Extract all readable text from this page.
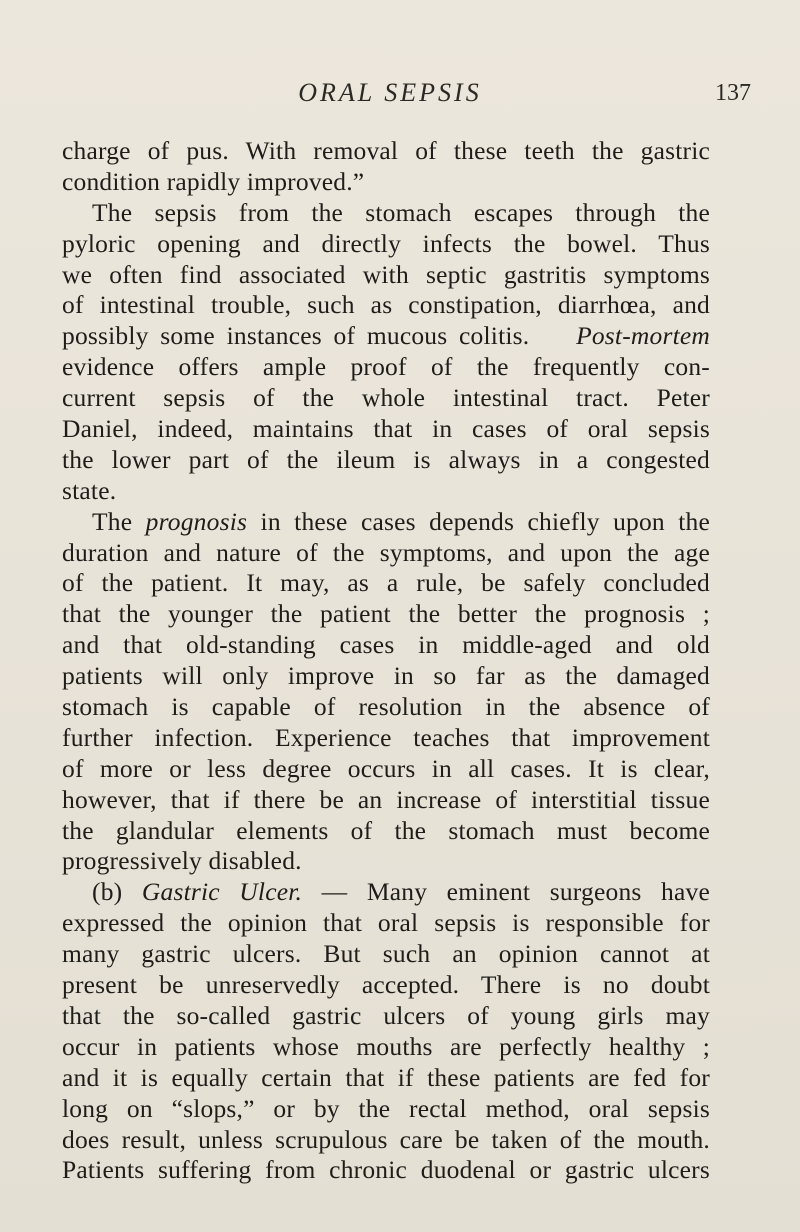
ORAL SEPSIS	137
charge of pus. With removal of these teeth the gastric
condition rapidly improved.”
The sepsis from the stomach escapes through the
pyloric opening and directly infects the bowel. Thus
we often find associated with septic gastritis symptoms
of intestinal trouble, such as constipation, diarrhœa, and
possibly some instances of mucous colitis. Post-mortem
evidence offers ample proof of the frequently con-
current sepsis of the whole intestinal tract. Peter
Daniel, indeed, maintains that in cases of oral sepsis
the lower part of the ileum is always in a congested
state.
The prognosis in these cases depends chiefly upon the
duration and nature of the symptoms, and upon the age
of the patient. It may, as a rule, be safely concluded
that the younger the patient the better the prognosis ;
and that old-standing cases in middle-aged and old
patients will only improve in so far as the damaged
stomach is capable of resolution in the absence of
further infection. Experience teaches that improvement
of more or less degree occurs in all cases. It is clear,
however, that if there be an increase of interstitial tissue
the glandular elements of the stomach must become
progressively disabled.
(b) Gastric Ulcer. — Many eminent surgeons have
expressed the opinion that oral sepsis is responsible for
many gastric ulcers. But such an opinion cannot at
present be unreservedly accepted. There is no doubt
that the so-called gastric ulcers of young girls may
occur in patients whose mouths are perfectly healthy ;
and it is equally certain that if these patients are fed for
long on “slops,” or by the rectal method, oral sepsis
does result, unless scrupulous care be taken of the mouth.
Patients suffering from chronic duodenal or gastric ulcers
